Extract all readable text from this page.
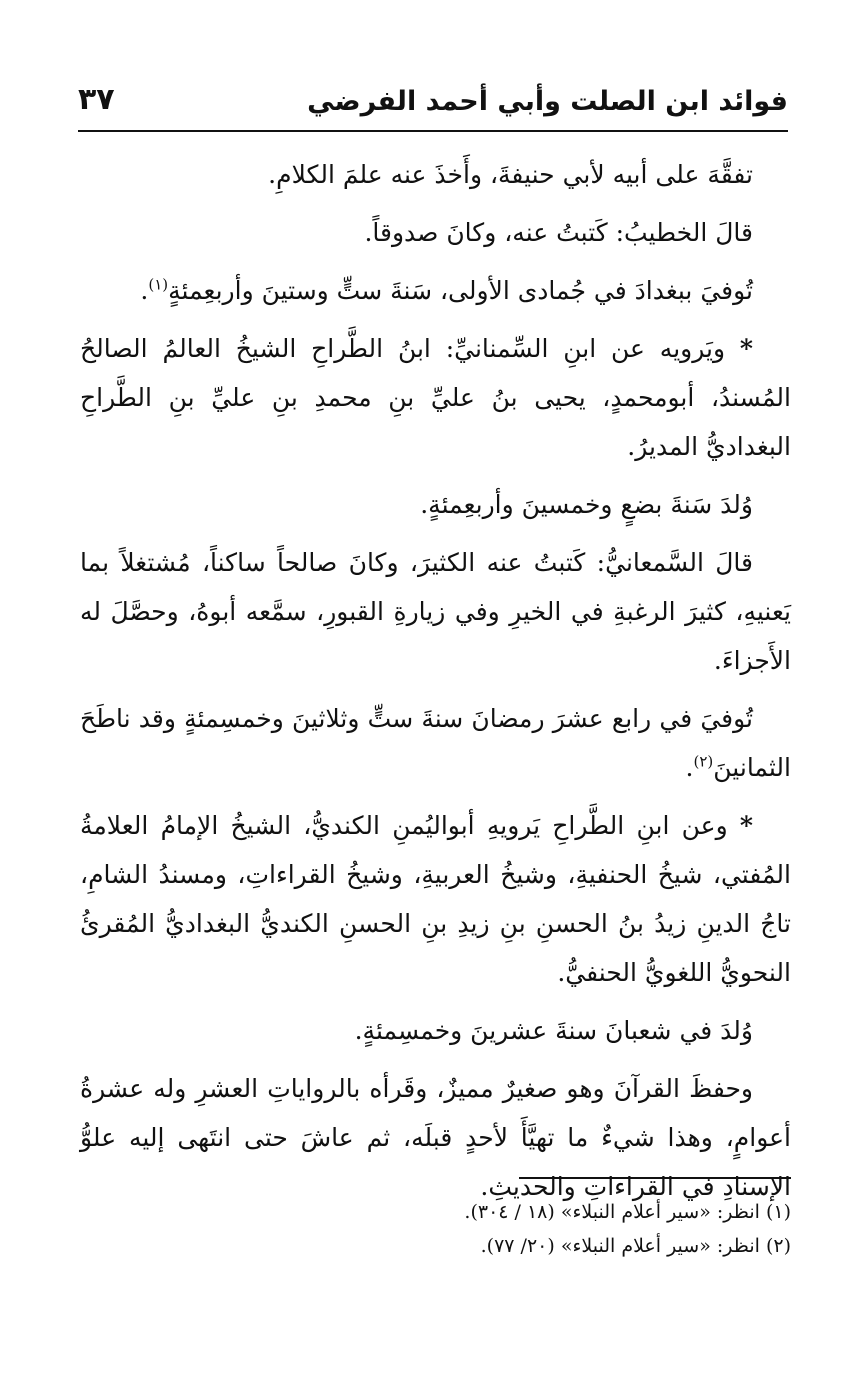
فوائد ابن الصلت وأبي أحمد الفرضي
٣٧

تفقَّهَ على أبيه لأبي حنيفةَ، وأَخذَ عنه علمَ الكلامِ.

قالَ الخطيبُ: كَتبتُ عنه، وكانَ صدوقاً.

تُوفيَ ببغدادَ في جُمادى الأولى، سَنةَ ستٍّ وستينَ وأربعِمئةٍ$^{(١)}$.

* ويَرويه عن ابنِ السِّمنانيِّ: ابنُ الطَّراحِ الشيخُ العالمُ الصالحُ المُسندُ، أبومحمدٍ، يحيى بنُ عليِّ بنِ محمدِ بنِ عليِّ بنِ الطَّراحِ البغداديُّ المديرُ.

وُلدَ سَنةَ بضعٍ وخمسينَ وأربعِمئةٍ.

قالَ السَّمعانيُّ: كَتبتُ عنه الكثيرَ، وكانَ صالحاً ساكناً، مُشتغلاً بما يَعنيهِ، كثيرَ الرغبةِ في الخيرِ وفي زيارةِ القبورِ، سمَّعه أبوهُ، وحصَّلَ له الأَجزاءَ.

تُوفيَ في رابع عشرَ رمضانَ سنةَ ستٍّ وثلاثينَ وخمسِمئةٍ وقد ناطَحَ الثمانينَ$^{(٢)}$.

* وعن ابنِ الطَّراحِ يَرويهِ أبواليُمنِ الكنديُّ، الشيخُ الإمامُ العلامةُ المُفتي، شيخُ الحنفيةِ، وشيخُ العربيةِ، وشيخُ القراءاتِ، ومسندُ الشامِ، تاجُ الدينِ زيدُ بنُ الحسنِ بنِ زيدِ بنِ الحسنِ الكنديُّ البغداديُّ المُقرئُ النحويُّ اللغويُّ الحنفيُّ.

وُلدَ في شعبانَ سنةَ عشرينَ وخمسِمئةٍ.

وحفظَ القرآنَ وهو صغيرٌ مميزٌ، وقَرأه بالرواياتِ العشرِ وله عشرةُ أعوامٍ، وهذا شيءٌ ما تهيَّأَ لأحدٍ قبلَه، ثم عاشَ حتى انتَهى إليه علوُّ الإسنادِ في القراءاتِ والحديثِ.

(١) انظر: «سير أعلام النبلاء» (١٨ / ٣٠٤).

(٢) انظر: «سير أعلام النبلاء» (٢٠/ ٧٧).
